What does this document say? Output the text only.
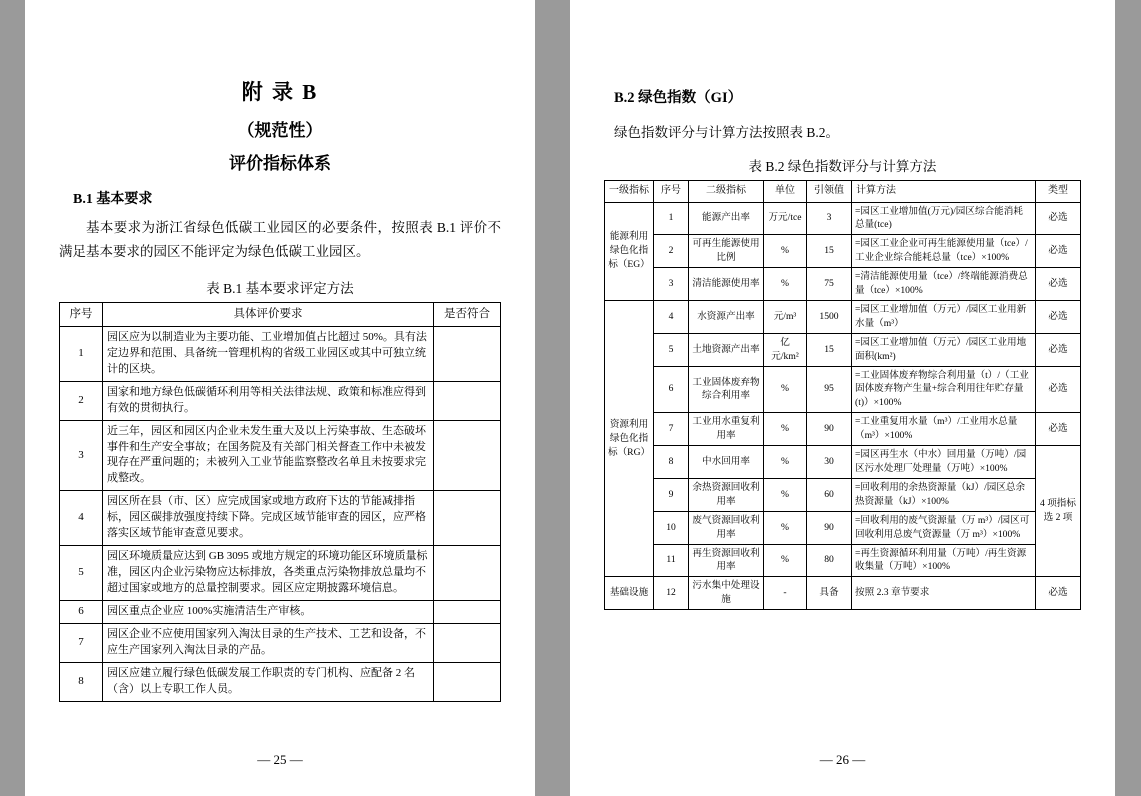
附 录 B
（规范性）
评价指标体系
B.1 基本要求
基本要求为浙江省绿色低碳工业园区的必要条件，按照表 B.1 评价不满足基本要求的园区不能评定为绿色低碳工业园区。
表 B.1 基本要求评定方法
序号	具体评价要求	是否符合
1	园区应为以制造业为主要功能、工业增加值占比超过 50%。具有法定边界和范围、具备统一管理机构的省级工业园区或其中可独立统计的区块。	
2	国家和地方绿色低碳循环利用等相关法律法规、政策和标准应得到有效的贯彻执行。	
3	近三年，园区和园区内企业未发生重大及以上污染事故、生态破坏事件和生产安全事故；在国务院及有关部门相关督查工作中未被发现存在严重问题的；未被列入工业节能监察整改名单且未按要求完成整改。	
4	园区所在县（市、区）应完成国家或地方政府下达的节能减排指标，园区碳排放强度持续下降。完成区域节能审查的园区，应严格落实区域节能审查意见要求。	
5	园区环境质量应达到 GB 3095 或地方规定的环境功能区环境质量标准，园区内企业污染物应达标排放，各类重点污染物排放总量均不超过国家或地方的总量控制要求。园区应定期披露环境信息。	
6	园区重点企业应 100%实施清洁生产审核。	
7	园区企业不应使用国家列入淘汰目录的生产技术、工艺和设备，不应生产国家列入淘汰目录的产品。	
8	园区应建立履行绿色低碳发展工作职责的专门机构、应配备 2 名（含）以上专职工作人员。	
— 25 —
B.2 绿色指数（GI）
绿色指数评分与计算方法按照表 B.2。
表 B.2 绿色指数评分与计算方法
一级指标	序号	二级指标	单位	引领值	计算方法	类型
能源利用绿色化指标（EG）	1	能源产出率	万元/tce	3	=园区工业增加值(万元)/园区综合能消耗总量(tce)	必选
	2	可再生能源使用比例	%	15	=园区工业企业可再生能源使用量（tce）/工业企业综合能耗总量（tce）×100%	必选
	3	清洁能源使用率	%	75	=清洁能源使用量（tce）/终端能源消费总量（tce）×100%	必选
资源利用绿色化指标（RG）	4	水资源产出率	元/m³	1500	=园区工业增加值（万元）/园区工业用新水量（m³）	必选
	5	土地资源产出率	亿元/km²	15	=园区工业增加值（万元）/园区工业用地面积(km²)	必选
	6	工业固体废弃物综合利用率	%	95	=工业固体废弃物综合利用量（t）/（工业固体废弃物产生量+综合利用往年贮存量(t)）×100%	必选
	7	工业用水重复利用率	%	90	=工业重复用水量（m³）/工业用水总量（m³）×100%	必选
	8	中水回用率	%	30	=园区再生水（中水）回用量（万吨）/园区污水处理厂处理量（万吨）×100%	4 项指标选 2 项
	9	余热资源回收利用率	%	60	=回收利用的余热资源量（kJ）/园区总余热资源量（kJ）×100%	
	10	废气资源回收利用率	%	90	=回收利用的废气资源量（万 m³）/园区可回收利用总废气资源量（万 m³）×100%	
	11	再生资源回收利用率	%	80	=再生资源循环利用量（万吨）/再生资源收集量（万吨）×100%	
基础设施	12	污水集中处理设施	-	具备	按照 2.3 章节要求	必选
— 26 —
